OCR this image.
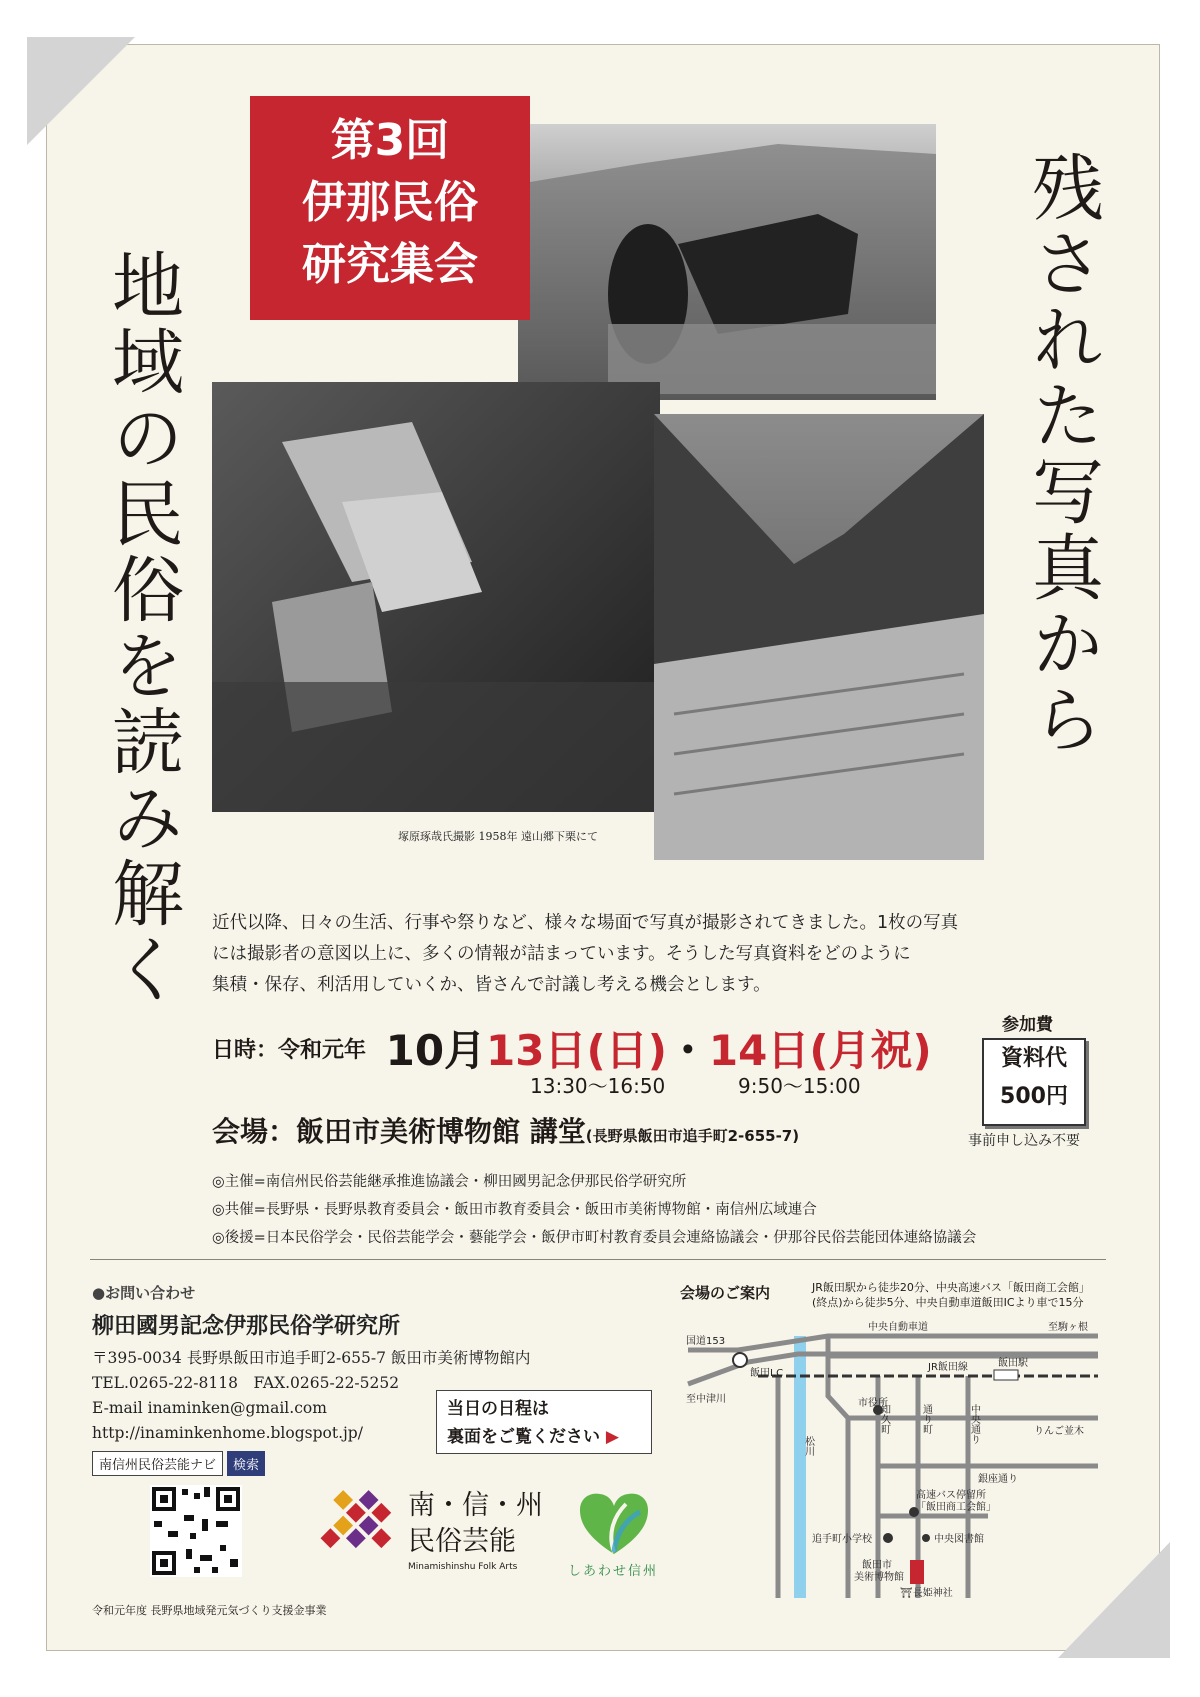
第3回
伊那民俗
研究集会
塚原琢哉氏撮影 1958年 遠山郷下栗にて
残された写真から
地域の民俗を読み解く	近代以降、日々の生活、行事や祭りなど、様々な場面で写真が撮影されてきました。1枚の写真
には撮影者の意図以上に、多くの情報が詰まっています。そうした写真資料をどのように
集積・保存、利活用していくか、皆さんで討議し考える機会とします。
日時：令和元年 10月13日(日)・14日(月祝)
13:30〜16:50	9:50〜15:00
会場：飯田市美術博物館 講堂(長野県飯田市追手町2-655-7)
参加費
資料代
500円
事前申し込み不要
◎主催=南信州民俗芸能継承推進協議会・柳田國男記念伊那民俗学研究所
◎共催=長野県・長野県教育委員会・飯田市教育委員会・飯田市美術博物館・南信州広域連合
◎後援=日本民俗学会・民俗芸能学会・藝能学会・飯伊市町村教育委員会連絡協議会・伊那谷民俗芸能団体連絡協議会
●お問い合わせ
柳田國男記念伊那民俗学研究所
〒395-0034 長野県飯田市追手町2-655-7 飯田市美術博物館内
TEL.0265-22-8118　FAX.0265-22-5252
E-mail inaminken@gmail.com
http://inaminkenhome.blogspot.jp/
南信州民俗芸能ナビ 検索
当日の日程は
裏面をご覧ください ▶
南・信・州
民俗芸能
Minamishinshu Folk Arts	しあわせ信州
会場のご案内	JR飯田駅から徒歩20分、中央高速バス「飯田商工会館」
(終点)から徒歩5分、中央自動車道飯田ICより車で15分
国道153
中央自動車道	至駒ヶ根
飯田I.C
JR飯田線	飯田駅
至中津川	市役所
知久町	通り町	中央通り	りんご並木
松川
銀座通り
高速バス停留所
「飯田商工会館」
追手町小学校	中央図書館
飯田市
美術博物館
⛩長姫神社
令和元年度 長野県地域発元気づくり支援金事業
